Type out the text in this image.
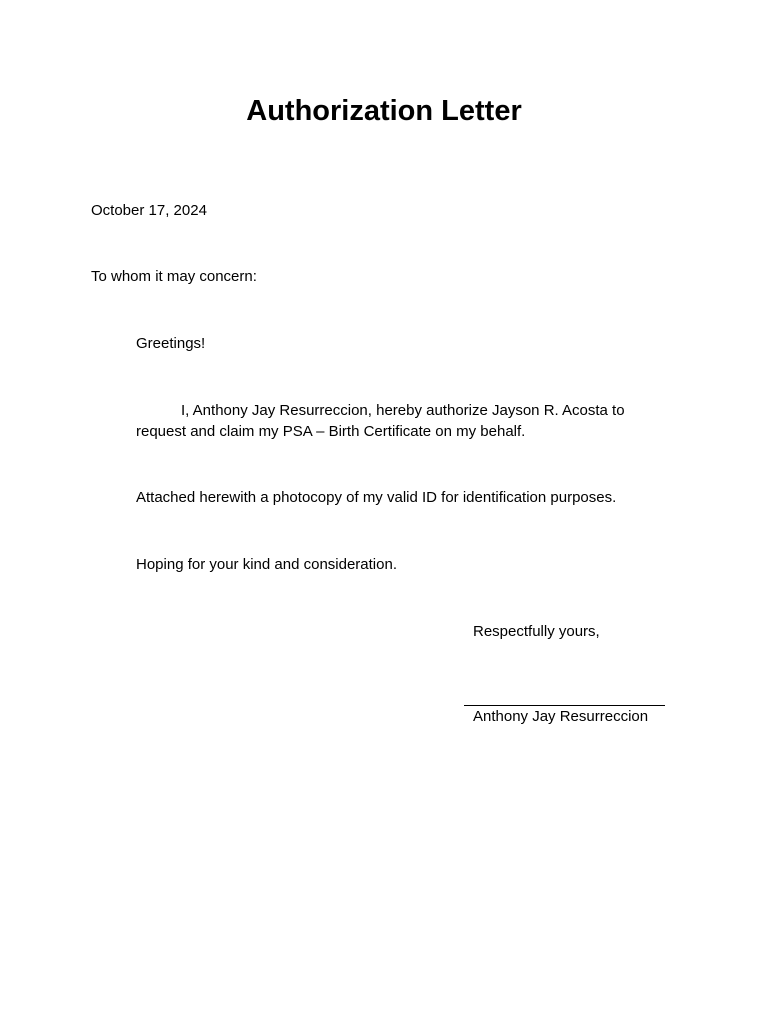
Authorization Letter
October 17, 2024
To whom it may concern:
Greetings!
I, Anthony Jay Resurreccion, hereby authorize Jayson R. Acosta to request and claim my PSA – Birth Certificate on my behalf.
Attached herewith a photocopy of my valid ID for identification purposes.
Hoping for your kind and consideration.
Respectfully yours,
Anthony Jay Resurreccion
